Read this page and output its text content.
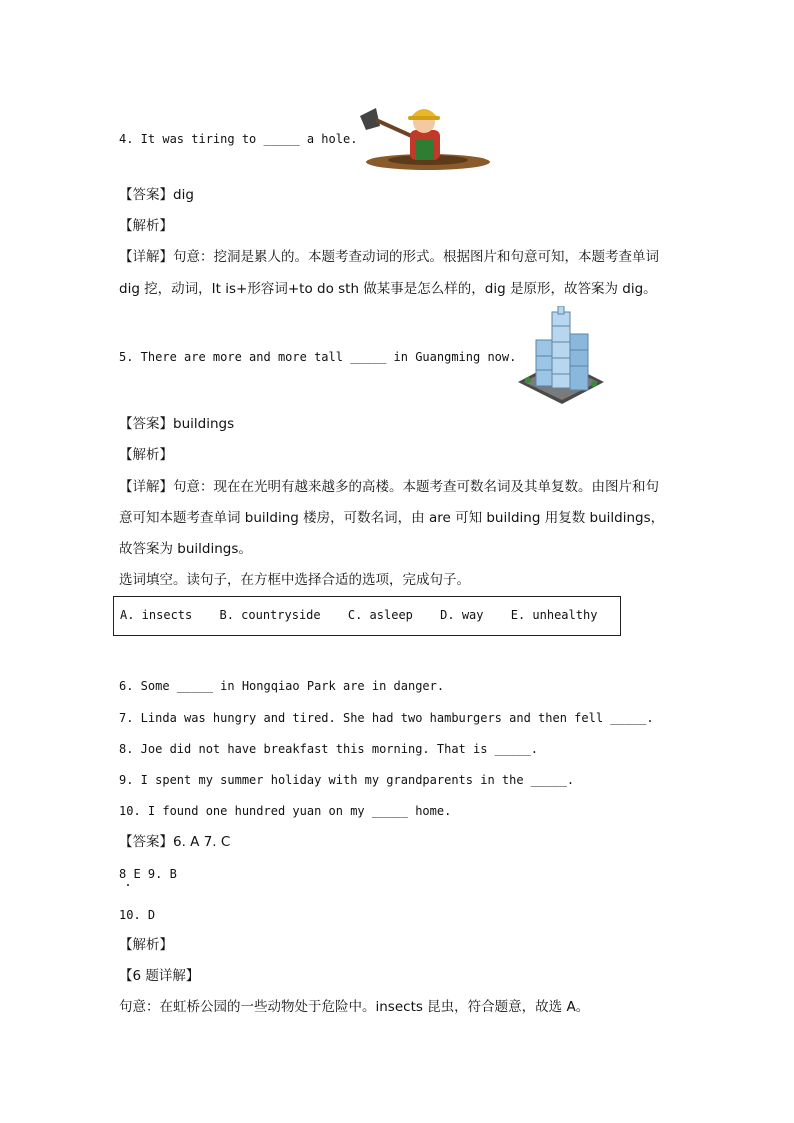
4. It was tiring to _____ a hole.
【答案】dig
【解析】
【详解】句意：挖洞是累人的。本题考查动词的形式。根据图片和句意可知，本题考查单词
dig 挖，动词，It is+形容词+to do sth 做某事是怎么样的，dig 是原形，故答案为 dig。
5. There are more and more tall _____ in Guangming now.
【答案】buildings
【解析】
【详解】句意：现在在光明有越来越多的高楼。本题考查可数名词及其单复数。由图片和句
意可知本题考查单词 building 楼房，可数名词，由 are 可知 building 用复数 buildings，
故答案为 buildings。
选词填空。读句子，在方框中选择合适的选项，完成句子。
A. insects B. countryside C. asleep D. way E. unhealthy
6. Some _____ in Hongqiao Park are in danger.
7. Linda was hungry and tired. She had two hamburgers and then fell _____.
8. Joe did not have breakfast this morning. That is _____.
9. I spent my summer holiday with my grandparents in the _____.
10. I found one hundred yuan on my _____ home.
【答案】6. A 7. C
8 E 9. B
10. D
【解析】
【6 题详解】
句意：在虹桥公园的一些动物处于危险中。insects 昆虫，符合题意，故选 A。
